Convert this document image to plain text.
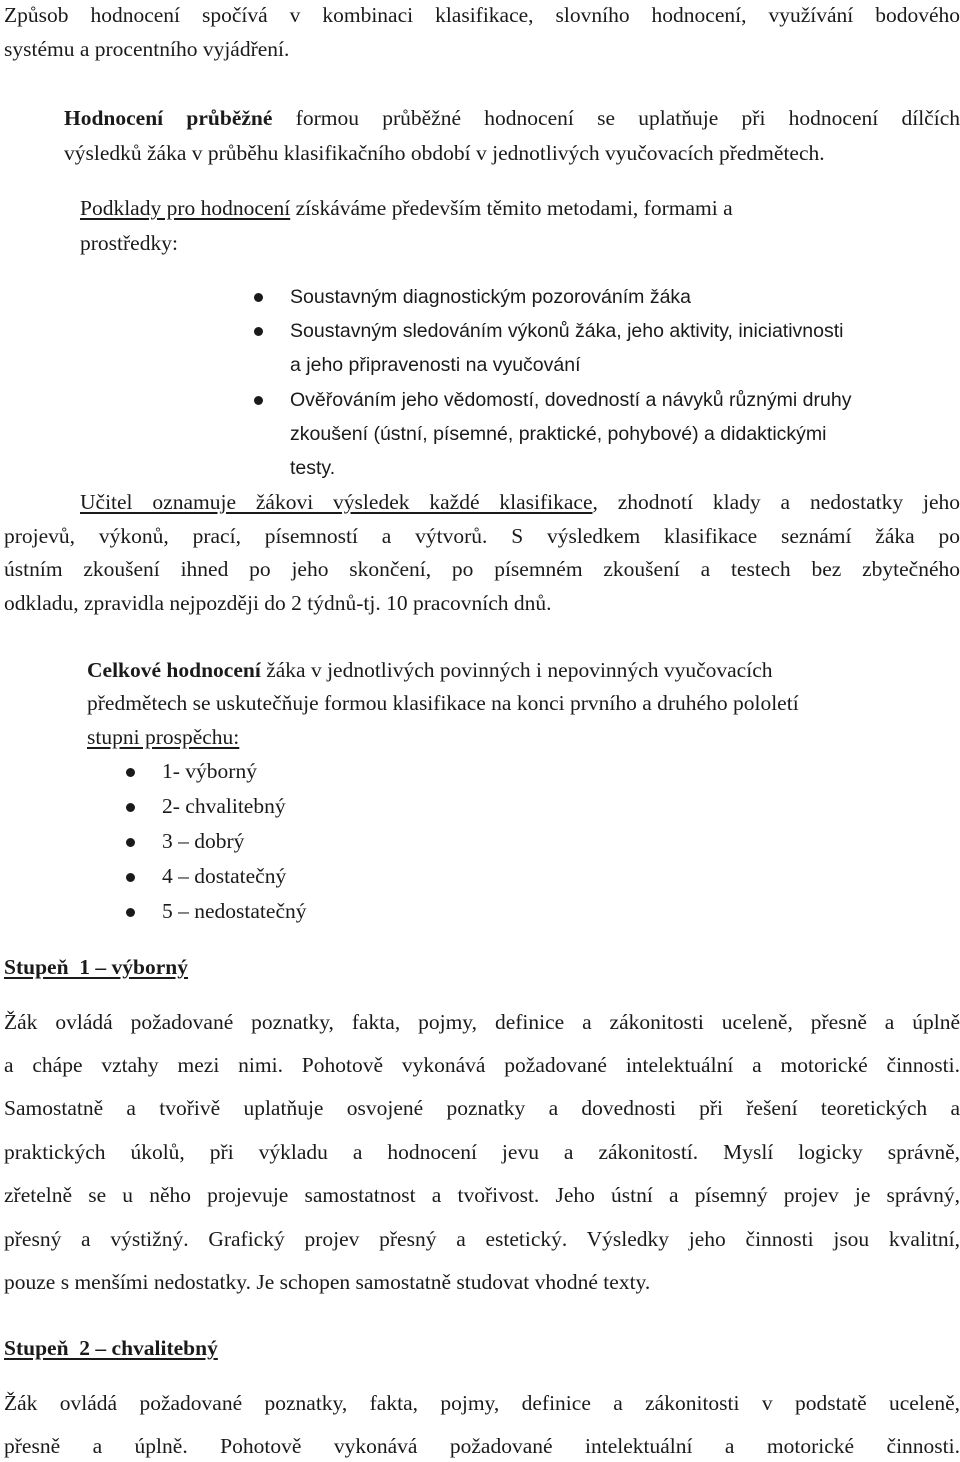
Způsob hodnocení spočívá v kombinaci klasifikace, slovního hodnocení, využívání bodového
systému a procentního vyjádření.
Hodnocení průběžné formou průběžné hodnocení se uplatňuje při hodnocení dílčích
výsledků žáka v průběhu klasifikačního období v jednotlivých vyučovacích předmětech.
Podklady pro hodnocení získáváme především těmito metodami, formami a
prostředky:
Soustavným diagnostickým pozorováním žáka
Soustavným sledováním výkonů žáka, jeho aktivity, iniciativnosti
a jeho připravenosti na vyučování
Ověřováním jeho vědomostí, dovedností a návyků různými druhy
zkoušení (ústní, písemné, praktické, pohybové) a didaktickými
testy.
Učitel oznamuje žákovi výsledek každé klasifikace, zhodnotí klady a nedostatky jeho
projevů, výkonů, prací, písemností a výtvorů. S výsledkem klasifikace seznámí žáka po
ústním zkoušení ihned po jeho skončení, po písemném zkoušení a testech bez zbytečného
odkladu, zpravidla nejpozději do 2 týdnů-tj. 10 pracovních dnů.
Celkové hodnocení žáka v jednotlivých povinných i nepovinných vyučovacích
předmětech se uskutečňuje formou klasifikace na konci prvního a druhého pololetí
stupni prospěchu:
1- výborný
2- chvalitebný
3 – dobrý
4 – dostatečný
5 – nedostatečný
Stupeň  1 – výborný
Žák ovládá požadované poznatky, fakta, pojmy, definice a zákonitosti uceleně, přesně a úplně
a chápe vztahy mezi nimi. Pohotově vykonává požadované intelektuální a motorické činnosti.
Samostatně a tvořivě uplatňuje osvojené poznatky a dovednosti při řešení teoretických a
praktických úkolů, při výkladu a hodnocení jevu a zákonitostí. Myslí logicky správně,
zřetelně se u něho projevuje samostatnost a tvořivost. Jeho ústní a písemný projev je správný,
přesný a výstižný. Grafický projev přesný a estetický. Výsledky jeho činnosti jsou kvalitní,
pouze s menšími nedostatky. Je schopen samostatně studovat vhodné texty.
Stupeň  2 – chvalitebný
Žák ovládá požadované poznatky, fakta, pojmy, definice a zákonitosti v podstatě uceleně,
přesně a úplně. Pohotově vykonává požadované intelektuální a motorické činnosti.
